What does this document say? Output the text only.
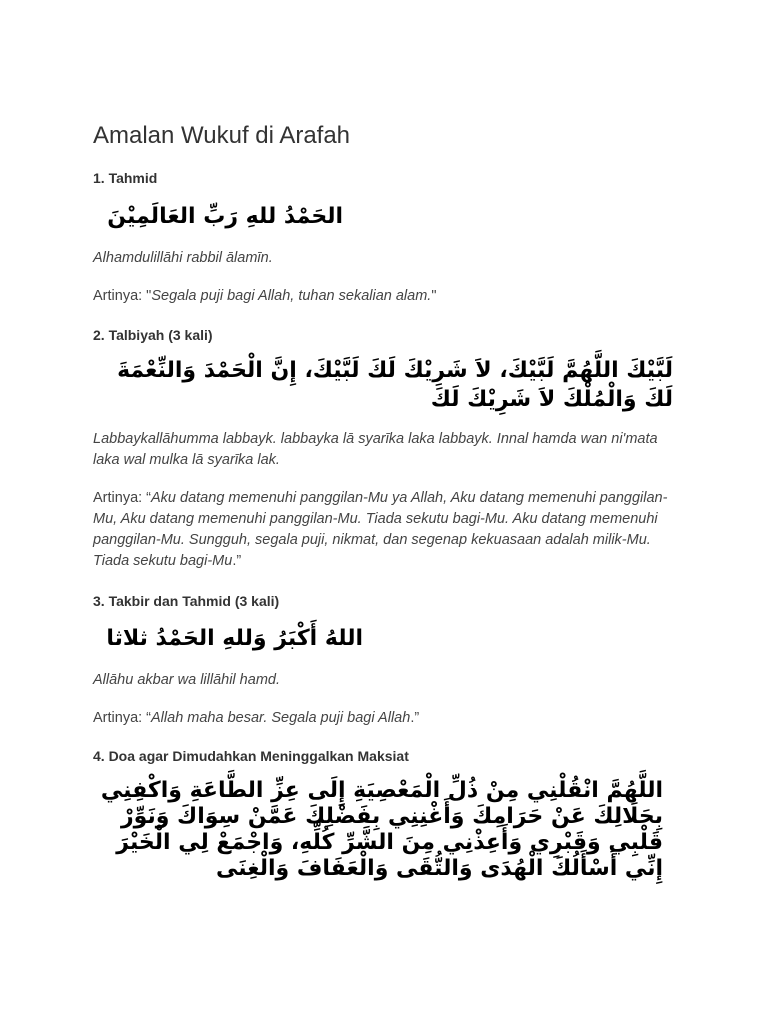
Amalan Wukuf di Arafah
1. Tahmid
الحَمْدُ للهِ رَبِّ العَالَمِيْنَ

Alhamdulillāhi rabbil ālamīn.

Artinya: "Segala puji bagi Allah, tuhan sekalian alam."

2. Talbiyah (3 kali)
لَبَّيْكَ اللَّهُمَّ لَبَّيْكَ، لاَ شَرِيْكَ لَكَ لَبَّيْكَ، إِنَّ الْحَمْدَ وَالنِّعْمَةَ لَكَ وَالْمُلْكَ لاَ شَرِيْكَ لَكَ

Labbaykallāhumma labbayk. labbayka lā syarīka laka labbayk. Innal hamda wan ni'mata laka wal mulka lā syarīka lak.

Artinya: “Aku datang memenuhi panggilan-Mu ya Allah, Aku datang memenuhi panggilan-Mu, Aku datang memenuhi panggilan-Mu. Tiada sekutu bagi-Mu. Aku datang memenuhi panggilan-Mu. Sungguh, segala puji, nikmat, dan segenap kekuasaan adalah milik-Mu. Tiada sekutu bagi-Mu.”

3. Takbir dan Tahmid (3 kali)
اللهُ أَكْبَرُ وَللهِ الحَمْدُ ثلاثا

Allāhu akbar wa lillāhil hamd.

Artinya: “Allah maha besar. Segala puji bagi Allah.”

4. Doa agar Dimudahkan Meninggalkan Maksiat
اللَّهُمَّ انْقُلْنِي مِنْ ذُلِّ الْمَعْصِيَةِ إِلَى عِزِّ الطَّاعَةِ وَاكْفِنِي بِحَلَالِكَ عَنْ حَرَامِكَ وَأَغْنِنِي بِفَضْلِكَ عَمَّنْ سِوَاكَ وَنَوِّرْ قَلْبِي وَقَبْرِي وَأَعِذْنِي مِنَ الشَّرِّ كُلِّهِ، وَاجْمَعْ لِي الْخَيْرَ إِنِّي أَسْأَلُكَ الْهُدَى وَالتُّقَى وَالْعَفَافَ وَالْغِنَى
